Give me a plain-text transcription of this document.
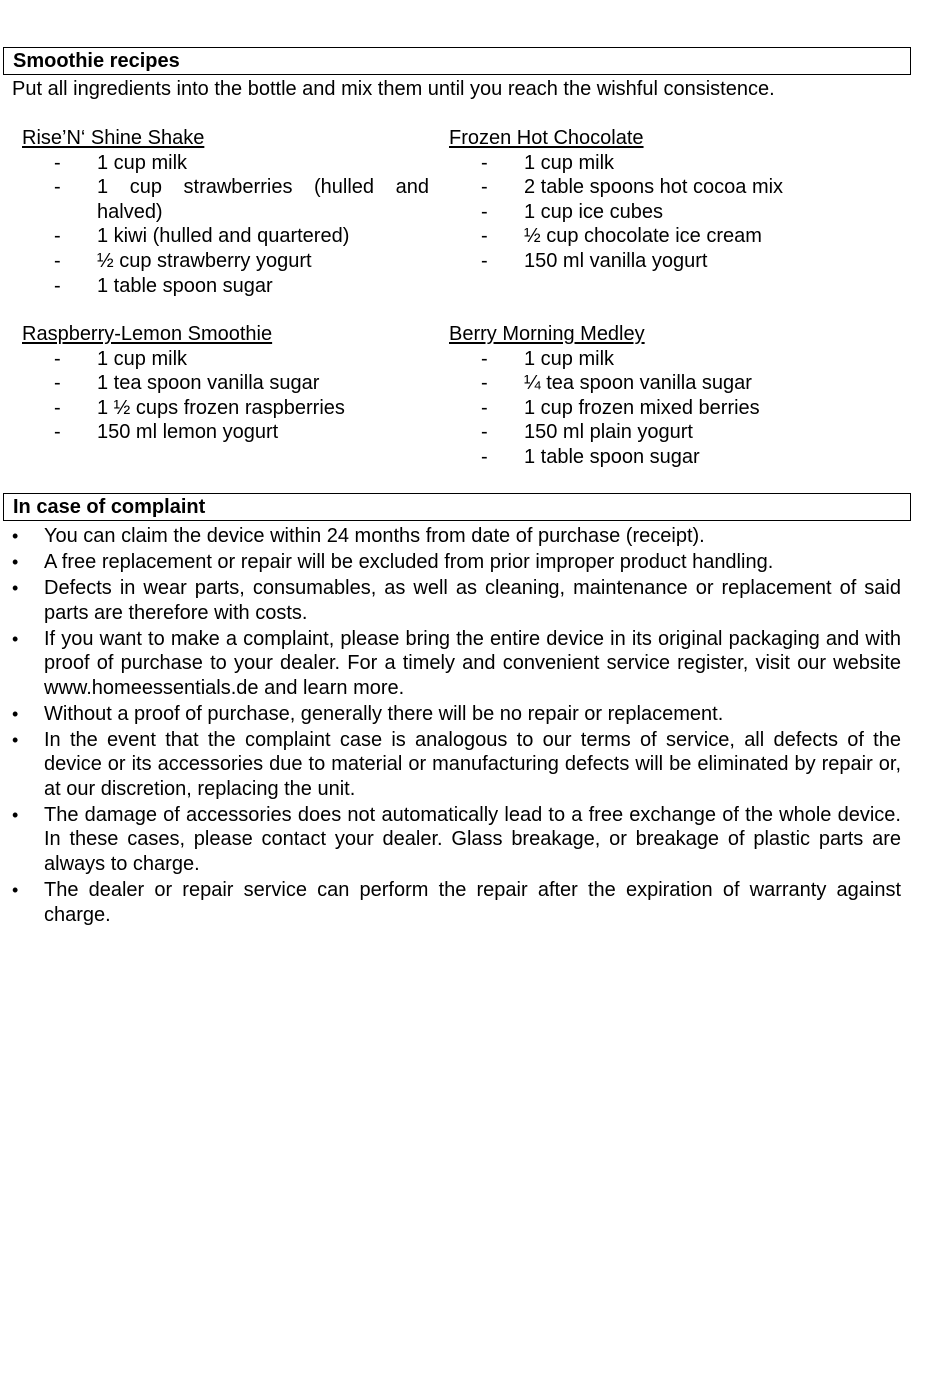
Smoothie recipes
Put all ingredients into the bottle and mix them until you reach the wishful consistence.
Rise’N‘ Shine Shake
-	1 cup milk
-	1 cup strawberries (hulled and halved)
-	1 kiwi (hulled and quartered)
-	½ cup strawberry yogurt
-	1 table spoon sugar
Frozen Hot Chocolate
-	1 cup milk
-	2 table spoons hot cocoa mix
-	1 cup ice cubes
-	½ cup chocolate ice cream
-	150 ml vanilla yogurt
Raspberry-Lemon Smoothie
-	1 cup milk
-	1 tea spoon vanilla sugar
-	1 ½ cups frozen raspberries
-	150 ml lemon yogurt
Berry Morning Medley
-	1 cup milk
-	¼ tea spoon vanilla sugar
-	1 cup frozen mixed berries
-	150 ml plain yogurt
-	1 table spoon sugar
In case of complaint
•	You can claim the device within 24 months from date of purchase (receipt).
•	A free replacement or repair will be excluded from prior improper product handling.
•	Defects in wear parts, consumables, as well as cleaning, maintenance or replacement of said parts are therefore with costs.
•	If you want to make a complaint, please bring the entire device in its original packaging and with proof of purchase to your dealer. For a timely and convenient service register, visit our website www.homeessentials.de and learn more.
•	Without a proof of purchase, generally there will be no repair or replacement.
•	In the event that the complaint case is analogous to our terms of service, all defects of the device or its accessories due to material or manufacturing defects will be eliminated by repair or, at our discretion, replacing the unit.
•	The damage of accessories does not automatically lead to a free exchange of the whole device. In these cases, please contact your dealer. Glass breakage, or breakage of plastic parts are always to charge.
•	The dealer or repair service can perform the repair after the expiration of warranty against charge.
